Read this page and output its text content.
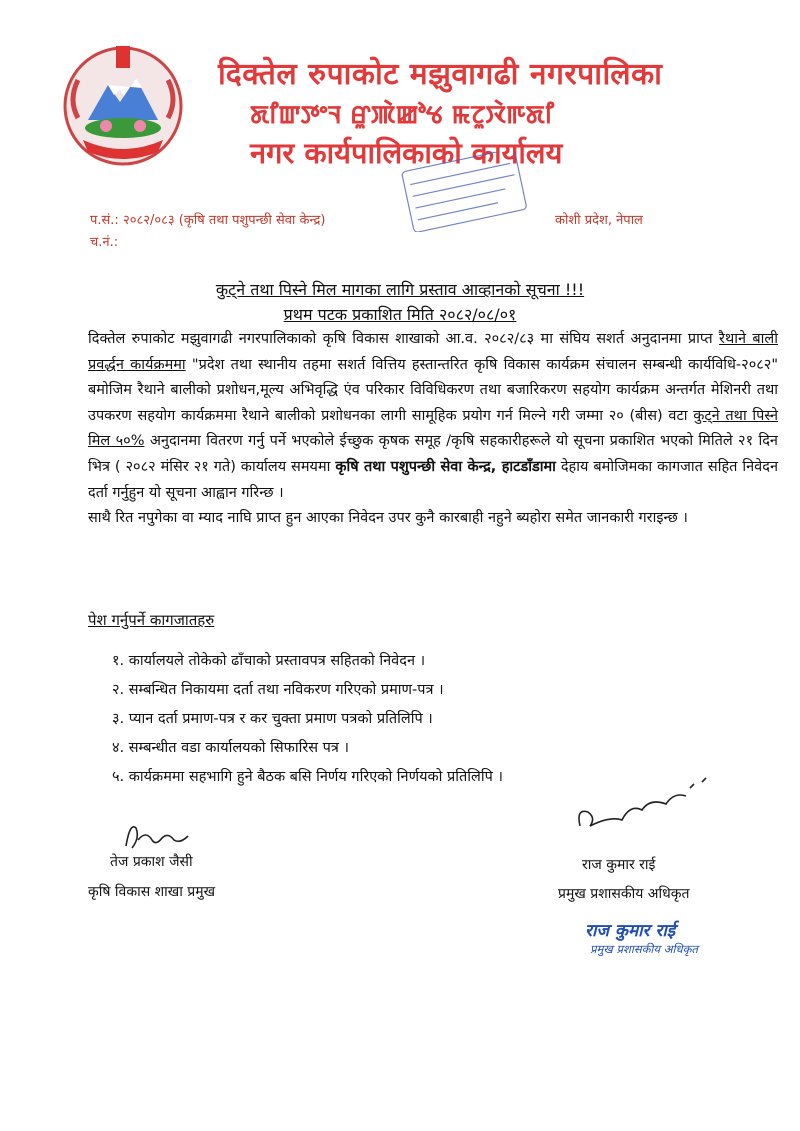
दिक्तेल रुपाकोट मझुवागढी नगरपालिका
ꯗꯤꯛꯇꯦꯜ ꯔꯨꯄꯥꯀꯣꯠ ꯃꯖꯨꯋꯥꯒꯗꯤ
नगर कार्यपालिकाको कार्यालय
प.सं.: २०८२/०८३ (कृषि तथा पशुपन्छी सेवा केन्द्र)
च.नं.:
कोशी प्रदेश, नेपाल
कुट्ने तथा पिस्ने मिल मागका लागि प्रस्ताव आव्हानको सूचना !!!
प्रथम पटक प्रकाशित मिति २०८२/०८/०१

दिक्तेल रुपाकोट मझुवागढी नगरपालिकाको कृषि विकास शाखाको आ.व. २०८२/८३ मा संघिय सशर्त अनुदानमा प्राप्त रैथाने बाली प्रवर्द्धन कार्यक्रममा "प्रदेश तथा स्थानीय तहमा सशर्त वित्तिय हस्तान्तरित कृषि विकास कार्यक्रम संचालन सम्बन्धी कार्यविधि-२०८२" बमोजिम रैथाने बालीको प्रशोधन,मूल्य अभिवृद्धि एंव परिकार विविधिकरण तथा बजारिकरण सहयोग कार्यक्रम अन्तर्गत मेशिनरी तथा उपकरण सहयोग कार्यक्रममा रैथाने बालीको प्रशोधनका लागी सामूहिक प्रयोग गर्न मिल्ने गरी जम्मा २० (बीस) वटा कुट्ने तथा पिस्ने मिल ५०% अनुदानमा वितरण गर्नु पर्ने भएकोले ईच्छुक कृषक समूह /कृषि सहकारीहरूले यो सूचना प्रकाशित भएको मितिले २१ दिन भित्र ( २०८२ मंसिर २१ गते) कार्यालय समयमा कृषि तथा पशुपन्छी सेवा केन्द्र, हाटडाँडामा देहाय बमोजिमका कागजात सहित निवेदन दर्ता गर्नुहुन यो सूचना आह्वान गरिन्छ ।

साथै रित नपुगेका वा म्याद नाघि प्राप्त हुन आएका निवेदन उपर कुनै कारबाही नहुने ब्यहोरा समेत जानकारी गराइन्छ ।

पेश गर्नुपर्ने कागजातहरु
१. कार्यालयले तोकेको ढाँचाको प्रस्तावपत्र सहितको निवेदन ।
२. सम्बन्धित निकायमा दर्ता तथा नविकरण गरिएको प्रमाण-पत्र ।
३. प्यान दर्ता प्रमाण-पत्र र कर चुक्ता प्रमाण पत्रको प्रतिलिपि ।
४. सम्बन्धीत वडा कार्यालयको सिफारिस पत्र ।
५. कार्यक्रममा सहभागि हुने बैठक बसि निर्णय गरिएको निर्णयको प्रतिलिपि ।
तेज प्रकाश जैसी
कृषि विकास शाखा प्रमुख
राज कुमार राई
प्रमुख प्रशासकीय अधिकृत
राज कुमार राई
प्रमुख प्रशासकीय अधिकृत
